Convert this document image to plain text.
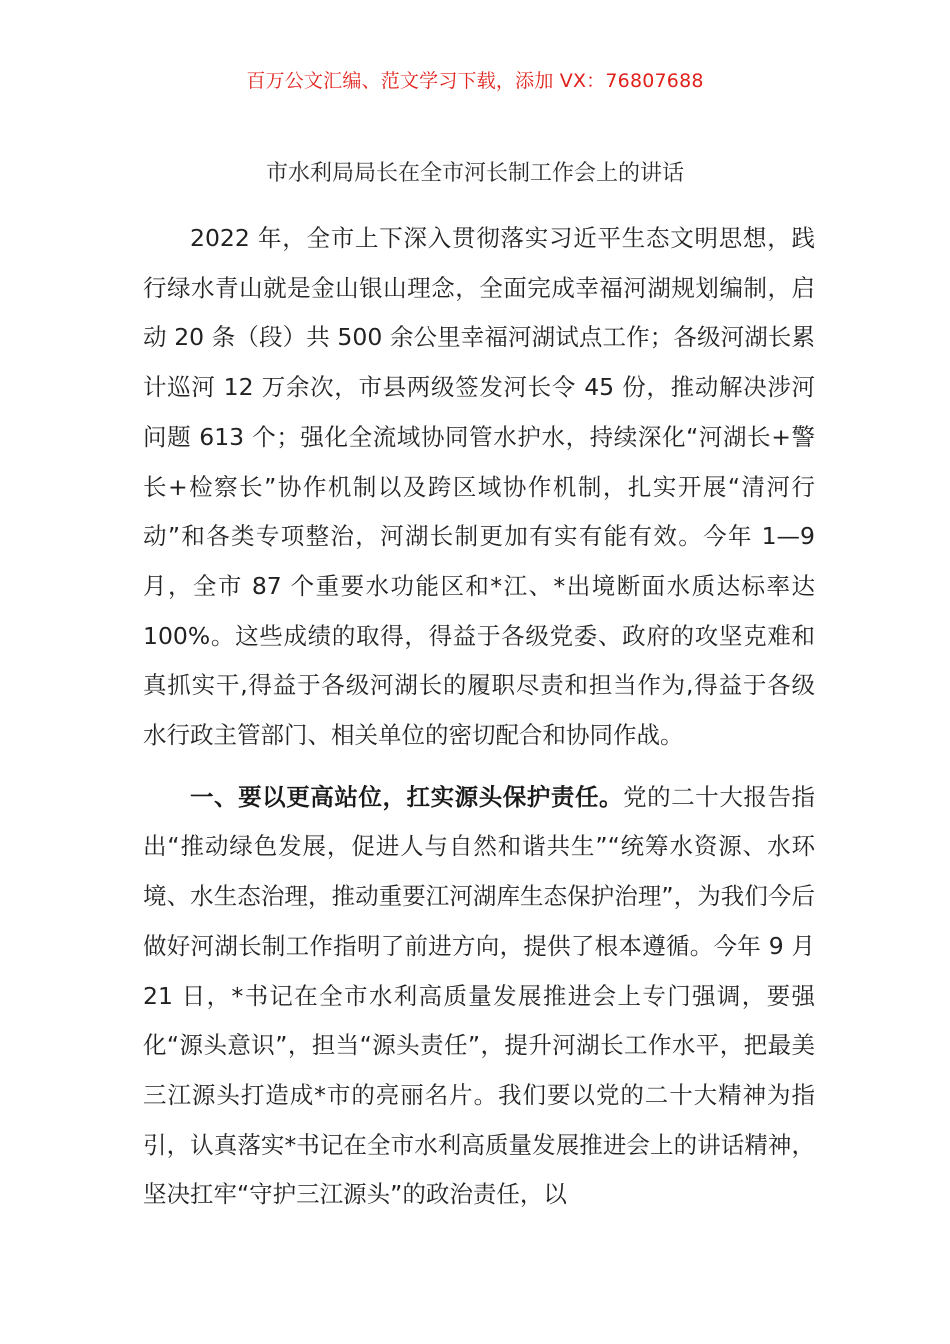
百万公文汇编、范文学习下载，添加 VX：76807688
市水利局局长在全市河长制工作会上的讲话

2022 年，全市上下深入贯彻落实习近平生态文明思想，践行绿水青山就是金山银山理念，全面完成幸福河湖规划编制，启动 20 条（段）共 500 余公里幸福河湖试点工作；各级河湖长累计巡河 12 万余次，市县两级签发河长令 45 份，推动解决涉河问题 613 个；强化全流域协同管水护水，持续深化“河湖长+警长+检察长”协作机制以及跨区域协作机制，扎实开展“清河行动”和各类专项整治，河湖长制更加有实有能有效。今年 1—9 月，全市 87 个重要水功能区和*江、*出境断面水质达标率达 100%。这些成绩的取得，得益于各级党委、政府的攻坚克难和真抓实干,得益于各级河湖长的履职尽责和担当作为,得益于各级水行政主管部门、相关单位的密切配合和协同作战。

一、要以更高站位，扛实源头保护责任。党的二十大报告指出“推动绿色发展，促进人与自然和谐共生”“统筹水资源、水环境、水生态治理，推动重要江河湖库生态保护治理”，为我们今后做好河湖长制工作指明了前进方向，提供了根本遵循。今年 9 月 21 日，*书记在全市水利高质量发展推进会上专门强调，要强化“源头意识”，担当“源头责任”，提升河湖长工作水平，把最美三江源头打造成*市的亮丽名片。我们要以党的二十大精神为指引，认真落实*书记在全市水利高质量发展推进会上的讲话精神，坚决扛牢“守护三江源头”的政治责任，以
